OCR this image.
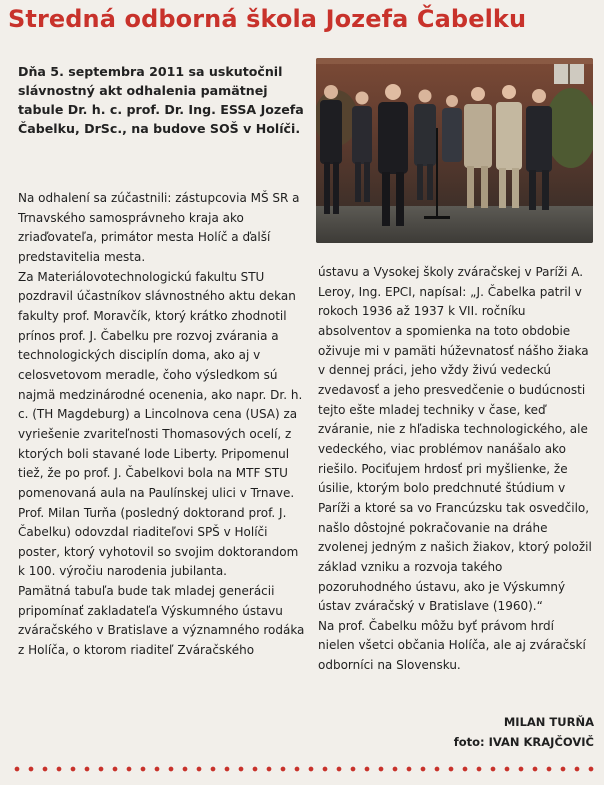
Stredná odborná škola Jozefa Čabelku

Dňa 5. septembra 2011 sa uskutočnil slávnostný akt odhalenia pamätnej tabule Dr. h. c. prof. Dr. Ing. ESSA Jozefa Čabelku, DrSc., na budove SOŠ v Holíči.

Na odhalení sa zúčastnili: zástupcovia MŠ SR a Trnavského samosprávneho kraja ako zriaďovateľa, primátor mesta Holíč a ďalší predstavitelia mesta.

Za Materiálovotechnologickú fakultu STU pozdravil účastníkov slávnostného aktu dekan fakulty prof. Moravčík, ktorý krátko zhodnotil prínos prof. J. Čabelku pre rozvoj zvárania a technologických disciplín doma, ako aj v celosvetovom meradle, čoho výsledkom sú najmä medzinárodné ocenenia, ako napr. Dr. h. c. (TH Magdeburg) a Lincolnova cena (USA) za vyriešenie zvariteľnosti Thomasových ocelí, z ktorých boli stavané lode Liberty. Pripomenul tiež, že po prof. J. Čabelkovi bola na MTF STU pomenovaná aula na Paulínskej ulici v Trnave.

Prof. Milan Turňa (posledný doktorand prof. J. Čabelku) odovzdal riaditeľovi SPŠ v Holíči poster, ktorý vyhotovil so svojim doktorandom k 100. výročiu narodenia jubilanta.

Pamätná tabuľa bude tak mladej generácii pripomínať zakladateľa Výskumného ústavu zváračského v Bratislave a významného rodáka z Holíča, o ktorom riaditeľ Zváračského

ústavu a Vysokej školy zváračskej v Paríži A. Leroy, Ing. EPCI, napísal: „J. Čabelka patril v rokoch 1936 až 1937 k VII. ročníku absolventov a spomienka na toto obdobie oživuje mi v pamäti húževnatosť nášho žiaka v dennej práci, jeho vždy živú vedeckú zvedavosť a jeho presvedčenie o budúcnosti tejto ešte mladej techniky v čase, keď zváranie, nie z hľadiska technologického, ale vedeckého, viac problémov nanášalo ako riešilo. Pociťujem hrdosť pri myšlienke, že úsilie, ktorým bolo predchnuté štúdium v Paríži a ktoré sa vo Francúzsku tak osvedčilo, našlo dôstojné pokračovanie na dráhe zvolenej jedným z našich žiakov, ktorý položil základ vzniku a rozvoja takého pozoruhodného ústavu, ako je Výskumný ústav zváračský v Bratislave (1960).“

Na prof. Čabelku môžu byť právom hrdí nielen všetci občania Holíča, ale aj zváračskí odborníci na Slovensku.

MILAN TURŇA

foto: IVAN KRAJČOVIČ
